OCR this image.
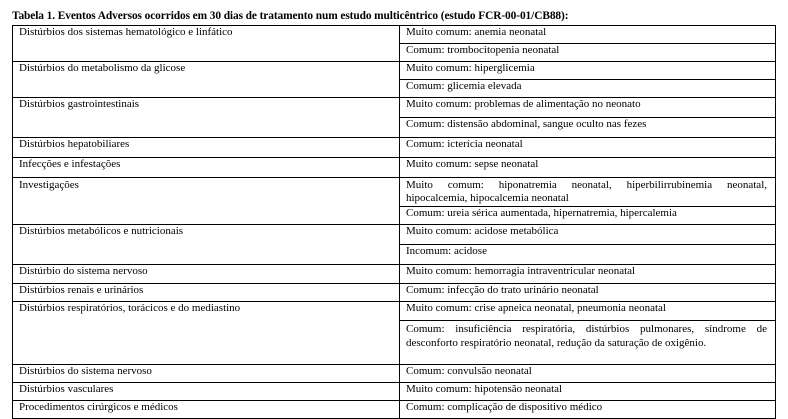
Tabela 1. Eventos Adversos ocorridos em 30 dias de tratamento num estudo multicêntrico (estudo FCR-00-01/CB88):
Distúrbios dos sistemas hematológico e linfático	Muito comum: anemia neonatal
	Comum: trombocitopenia neonatal
Distúrbios do metabolismo da glicose	Muito comum: hiperglicemia
	Comum: glicemia elevada
Distúrbios gastrointestinais	Muito comum: problemas de alimentação no neonato
	Comum: distensão abdominal, sangue oculto nas fezes
Distúrbios hepatobiliares	Comum: icterícia neonatal
Infecções e infestações	Muito comum: sepse neonatal
Investigações	Muito comum: hiponatremia neonatal, hiperbilirrubinemia neonatal, hipocalcemia, hipocalcemia neonatal
	Comum: ureia sérica aumentada, hipernatremia, hipercalemia
Distúrbios metabólicos e nutricionais	Muito comum: acidose metabólica
	Incomum: acidose
Distúrbio do sistema nervoso	Muito comum: hemorragia intraventricular neonatal
Distúrbios renais e urinários	Comum: infecção do trato urinário neonatal
Distúrbios respiratórios, torácicos e do mediastino	Muito comum: crise apneica neonatal, pneumonia neonatal
	Comum: insuficiência respiratória, distúrbios pulmonares, síndrome de desconforto respiratório neonatal, redução da saturação de oxigênio.
Distúrbios do sistema nervoso	Comum: convulsão neonatal
Distúrbios vasculares	Muito comum: hipotensão neonatal
Procedimentos cirúrgicos e médicos	Comum: complicação de dispositivo médico
